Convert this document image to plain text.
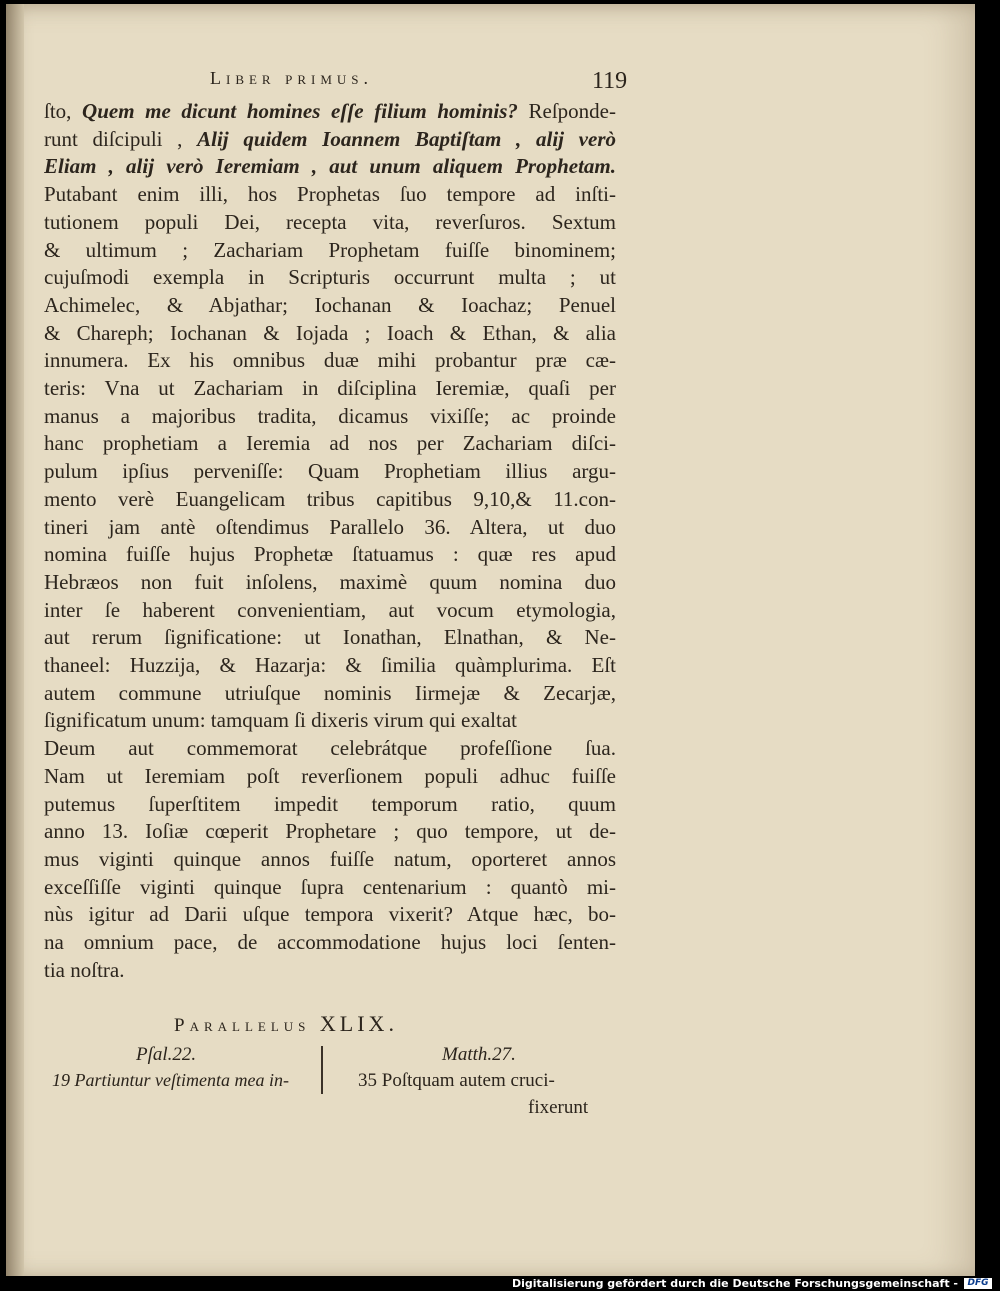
Liber primus.	119
ſto, Quem me dicunt homines eſſe filium hominis? Reſponde-
runt diſcipuli , Alij quidem Ioannem Baptiſtam , alij verò
Eliam , alij verò Ieremiam , aut unum aliquem Prophetam.
Putabant enim illi, hos Prophetas ſuo tempore ad inſti-
tutionem populi Dei, recepta vita, reverſuros. Sextum
& ultimum ; Zachariam Prophetam fuiſſe binominem;
cujuſmodi exempla in Scripturis occurrunt multa ; ut
Achimelec, & Abjathar; Iochanan & Ioachaz; Penuel
& Chareph; Iochanan & Iojada ; Ioach & Ethan, & alia
innumera. Ex his omnibus duæ mihi probantur præ cæ-
teris: Vna ut Zachariam in diſciplina Ieremiæ, quaſi per
manus a majoribus tradita, dicamus vixiſſe; ac proinde
hanc prophetiam a Ieremia ad nos per Zachariam diſci-
pulum ipſius perveniſſe: Quam Prophetiam illius argu-
mento verè Euangelicam tribus capitibus 9,10,& 11.con-
tineri jam antè oſtendimus Parallelo 36. Altera, ut duo
nomina fuiſſe hujus Prophetæ ſtatuamus : quæ res apud
Hebræos non fuit inſolens, maximè quum nomina duo
inter ſe haberent convenientiam, aut vocum etymologia,
aut rerum ſignificatione: ut Ionathan, Elnathan, & Ne-
thaneel: Huzzija, & Hazarja: & ſimilia quàmplurima. Eſt
autem commune utriuſque nominis Iirmejæ & Zecarjæ,
ſignificatum unum: tamquam ſi dixeris virum qui exaltat
Deum aut commemorat celebrátque profeſſione ſua.
Nam ut Ieremiam poſt reverſionem populi adhuc fuiſſe
putemus ſuperſtitem impedit temporum ratio, quum
anno 13. Ioſiæ cœperit Prophetare ; quo tempore, ut de-
mus viginti quinque annos fuiſſe natum, oporteret annos
exceſſiſſe viginti quinque ſupra centenarium : quantò mi-
nùs igitur ad Darii uſque tempora vixerit? Atque hæc, bo-
na omnium pace, de accommodatione hujus loci ſenten-
tia noſtra.
Parallelus XLIX.
Pſal.22.	Matth.27.
19 Partiuntur veſtimenta mea in-	35 Poſtquam autem cruci-
fixerunt
Digitalisierung gefördert durch die Deutsche Forschungsgemeinschaft -	DFG
